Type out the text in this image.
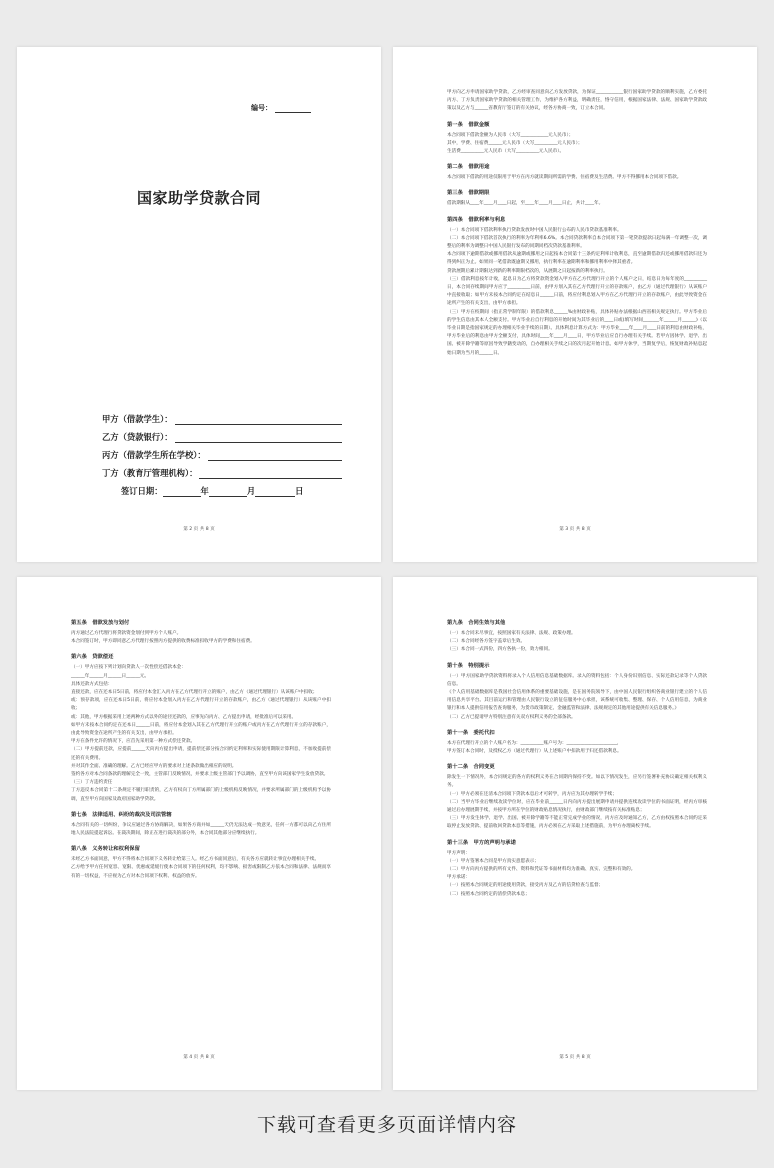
编号：
国家助学贷款合同
甲方（借款学生）：
乙方（贷款银行）：
丙方（借款学生所在学校）：
丁方（教育厅管理机构）：
签订日期：	年	月	日
第 2 页 共 8 页
甲方向乙方申请国家助学贷款，乙方经审查同意向乙方发放贷款，为保证____________银行国家助学贷款的顺利实施，乙方委托丙方、丁方负责国家助学贷款的相关管理工作，为维护各方利益，明确责任，恪守信用，根据国家法律、法规、国家助学贷款政策以及乙方与______省教育厅签订的有关协议，经各方协商一致，订立本合同。
第一条　借款金额
本合同项下借款金额为人民币（大写____________元人民币）；
其中，学费、住宿费______元人民币（大写__________元人民币）；
生活费__________元人民币（大写__________元人民币）。
第二条　借款用途
本合同项下借款的用途仅限用于甲方在丙方就读期间所需的学费、住宿费及生活费。甲方不得挪用本合同项下借款。
第三条　借款期限
借款期限从____年____月____日起，至____年____月____日止，共计____年。
第四条　借款利率与利息
（一）本合同项下借款利率执行贷款发放时中国人民银行公布的人民币贷款基准利率。
（二）本合同项下借款首次执行的利率为年利率6.6%。本合同贷款利率自本合同项下第一笔贷款提款日起每满一年调整一次，调整后的利率为调整日中国人民银行发布的同期同档次贷款基准利率。
本合同项下逾期借款或挪用借款从逾期或挪用之日起按本合同第十三条约定利率计收利息，直至逾期借款归还或挪用借款归还为得到纠正为止。如果同一笔借款既逾期又挪用，执行利率在逾期利率和挪用利率中择其重者。
贷款展期后累计期限达到新的利率期限档次的，从展期之日起按新的利率执行。
（三）借款利息按年计收，起息日为乙方将贷款资金划入甲方在乙方代理行开立的个人账户之日，结息日为每年度的__________日，本合同存续期间甲方应于__________日前，由甲方划入其在乙方代理行开立的存款账户，由乙方（通过代理银行）从该账户中直接收取；如甲方未按本合同约定在结息日______日前，将应付利息划入甲方在乙方代理行开立的存款账户，由此导致资金在途所产生的有关支出，由甲方承担。
（三）甲方在校期间（指正常学制年限）的借款利息______%由财政补贴，具体补贴办法根据山西省相关规定执行。甲方毕业后的学生信息由其本人全额支付。甲方毕业后自行利息的开始时间为其毕业后的____日或(填写时间_______年______月______)（以毕业日期是指国家规定的办理相关毕业手续的日期）。具体利息计算方式为：甲方毕业____年____月____日前的利息由财政补贴，甲方毕业后的利息由甲方全额支付，具体时间____年____月____日，甲方毕业后应自行办理有关手续。若甲方因休学、退学、出国、被开除学籍等原因导致学籍变动的，自办理相关手续之日的次月起开始计息。如甲方休学，当期复学后，恢复财政补贴息起始日期为当月的______日。
第 3 页 共 8 页
第五条　借款发放与划付
丙方通过乙方代理行将贷款资金划付到甲方个人账户。
本合同签订时，甲方即同意乙方代理行按照丙方提供的收费标准扣收甲方的学费和住宿费。
第六条　贷款偿还
（一）甲方应按下列计划向贷款人一次性偿还借款本金：
______年______月______日______元。
具体还款方式包括：
直接还款，应在还本日5日前，将应付本金汇入丙方在乙方代理行开立的账户，由乙方（通过代理银行）从该账户中扣收；
或：预存款项，应在还本日5日前，将应付本金划入丙方在乙方代理行开立的存款账户，由乙方（通过代理银行）从该账户中扣收；
或：其他，甲方根据采用上述两种方式以外的途径还款的，应事先向丙方、乙方提出申请，经批准后可以采用。
如甲方未按本合同约定在还本日______日前，将应付本金划入其在乙方代理行开立的账户或丙方在乙方代理行开立的存款账户，由此导致资金在途所产生的有关支出，由甲方承担。
甲方在条件允许的情况下，应首先采用第一种方式偿还贷款。
（二）甲方提前还款，应提前______天向丙方提出申请，提前偿还部分按合同约定利率和实际使用期限计算利息，不加收提前偿还的有关费用。
并对其作全面、准确的理解。乙方已经应甲方的要求对上述条款做出相应的说明。
签约各方对本合同条款的理解完全一致，主管部门反映情况，并要求上级主管部门予以调协，直至甲方向该国家学生发放贷款。
（三）丁方违约责任
丁方违反本合同第十二条规定不履行职责的，乙方有权向丁方所属部门的上级机构反映情况，并要求所属部门的上级机构予以协调，直至甲方向国家及政府国家助学贷款。
第七条　法律适用、纠纷的裁决及司法管辖
本合同有关的一切纠纷，争议应通过各方协商解决，如果各方商并如______天仍无法达成一致意见，任何一方都可以向乙方住所地人民法院提起诉讼。在裁决期间，除正在进行裁决的部分外，本合同其他部分应继续执行。
第八条　义务转让和权利保留
未经乙方书面同意，甲方不得将本合同项下义务转让给第三人。经乙方书面同意后，有关各方应就转让事宜办理相关手续。
乙方给予甲方任何宽容、宽限、优惠或延缓行使本合同项下的任何权利，均不影响、损害或限制乙方依本合同和法律、法规而享有的一切权益，不应视为乙方对本合同项下权利、权益的放弃。
第 4 页 共 8 页
第九条　合同生效与其他
（一）本合同未尽事宜，按照国家有关法律、法规、政策办理。
（二）本合同经各方签字盖章后生效。
（三）本合同一式四份，四方各执一份，效力相同。
第十条　特别提示
（一）甲方国家助学贷款资料将录入个人信用信息基础数据库。录入的资料包括：个人身份识别信息、实际还款记录等个人贷款信息。
《个人信用基础数据库是我国社会信用体系的重要基础设施，是在国务院领导下，由中国人民银行组织各商业银行建立的个人信用信息共享平台。其目前运行和管理由人民银行设立的征信服务中心承担，该系统可收集、整理、保存、个人信用信息，为商业银行和本人提供信用报告查询服务，为货币政策制定、金融监管和法律、法规规定的其他用途提供有关信息服务。》
（二）乙方已提请甲方特别注意有关双方权利义务的全部条款。
第十一条　委托代扣
本方在代理行开立的个人账户名为：__________账户号为：______________________，
甲方签订本合同时，及授权乙方（通过代理行）从上述账户中扣款用于归还借款利息。
第十二条　合同变更
除发生一下情况外，本合同规定的各方的权利义务在合同期内保持不变。如以下情况发生，应另行签署补充协议确定相关权利义务。
（一）甲方必须在还清本合同项下贷款本息后才可转学，丙方应为其办理转学手续；
（二）当甲方毕业后继续攻读学位时，应在毕业前______日内向丙方提出展期申请并提供连续攻读学位的书面证明，经丙方审核通过后办理展期手续，并按甲方所在学位的财政贴息情况执行，由财政部门继续按有关标准贴息；
（三）甲方发生休学、退学、出国、被开除学籍等不能正常完成学业的情况，丙方应及时通知乙方，乙方由权按照本合同约定采取停止发放贷款、提前收回贷款本息等措施，丙方必须在乙方采取上述措施前，为甲方办理离校手续。
第十三条　甲方的声明与承诺
甲方声明：
（一）甲方签署本合同是甲方真实意愿表示；
（二）甲方向丙方提供的所有文件、资料和凭证等书面材料均为准确、真实、完整和有效的。
甲方承诺：
（一）按照本合同规定的用途使用贷款，接受丙方及乙方的信贷检查与监督；
（二）按照本合同约定的清偿贷款本息；
第 5 页 共 8 页
下载可查看更多页面详情内容
